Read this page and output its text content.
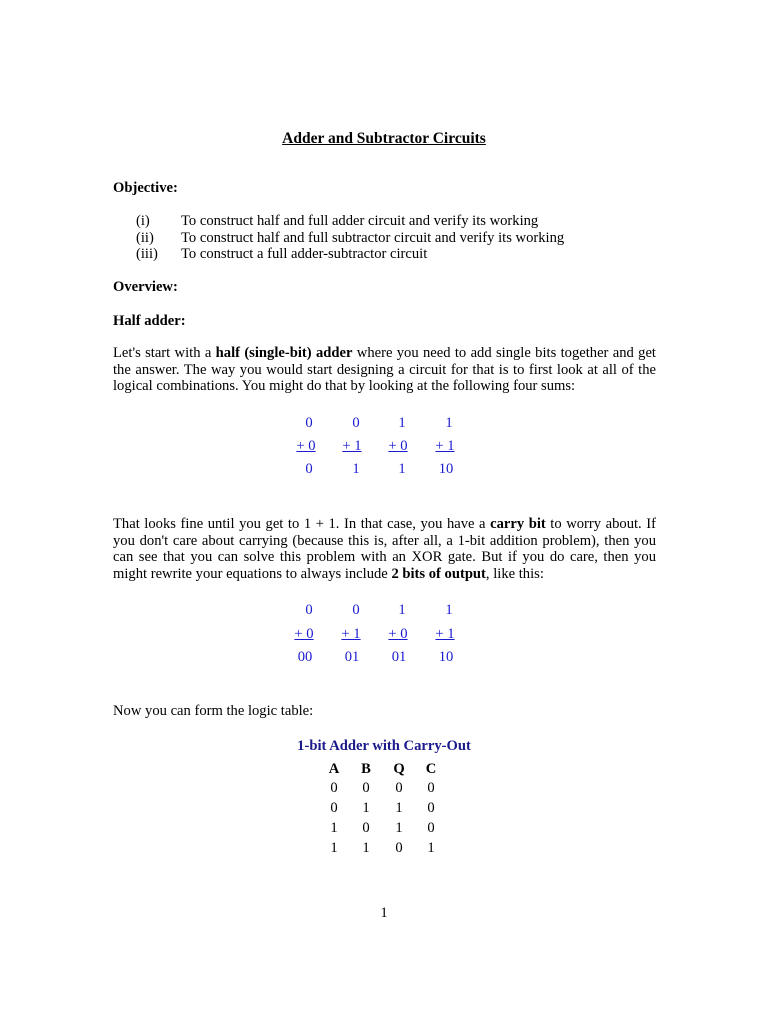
Adder and Subtractor Circuits
Objective:
(i) To construct half and full adder circuit and verify its working
(ii) To construct half and full subtractor circuit and verify its working
(iii) To construct a full adder-subtractor circuit
Overview:
Half adder:
Let's start with a half (single-bit) adder where you need to add single bits together and get the answer. The way you would start designing a circuit for that is to first look at all of the logical combinations. You might do that by looking at the following four sums:
0	0	1	1
+ 0	+ 1	+ 0	+ 1
0	1	1	10
That looks fine until you get to 1 + 1. In that case, you have a carry bit to worry about. If you don't care about carrying (because this is, after all, a 1-bit addition problem), then you can see that you can solve this problem with an XOR gate. But if you do care, then you might rewrite your equations to always include 2 bits of output, like this:
0	0	1	1
+ 0	+ 1	+ 0	+ 1
00	01	01	10
Now you can form the logic table:
1-bit Adder with Carry-Out
A	B	Q	C
0	0	0	0
0	1	1	0
1	0	1	0
1	1	0	1
1
